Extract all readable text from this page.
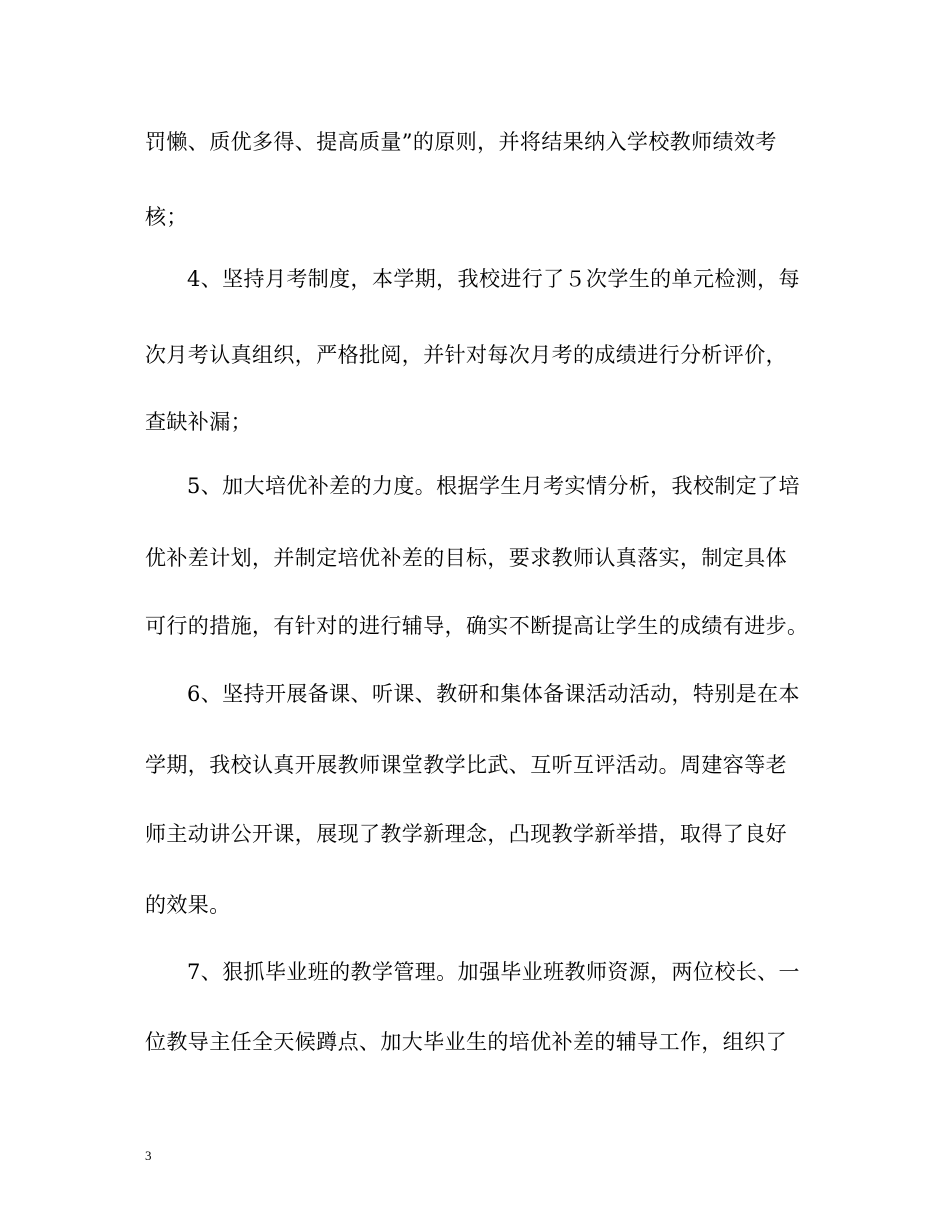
罚懒、质优多得、提高质量”的原则，并将结果纳入学校教师绩效考
核；
4、坚持月考制度，本学期，我校进行了５次学生的单元检测，每
次月考认真组织，严格批阅，并针对每次月考的成绩进行分析评价，
查缺补漏；
5、加大培优补差的力度。根据学生月考实情分析，我校制定了培
优补差计划，并制定培优补差的目标，要求教师认真落实，制定具体
可行的措施，有针对的进行辅导，确实不断提高让学生的成绩有进步。
6、坚持开展备课、听课、教研和集体备课活动活动，特别是在本
学期，我校认真开展教师课堂教学比武、互听互评活动。周建容等老
师主动讲公开课，展现了教学新理念，凸现教学新举措，取得了良好
的效果。
7、狠抓毕业班的教学管理。加强毕业班教师资源，两位校长、一
位教导主任全天候蹲点、加大毕业生的培优补差的辅导工作，组织了
3
